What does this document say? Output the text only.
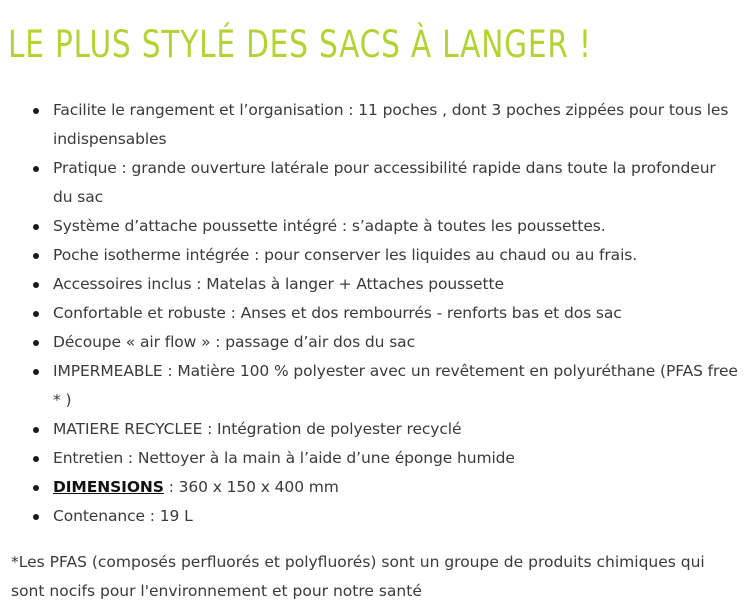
LE PLUS STYLÉ DES SACS À LANGER !
Facilite le rangement et l’organisation : 11 poches , dont 3 poches zippées pour tous les indispensables
Pratique : grande ouverture latérale pour accessibilité rapide dans toute la profondeur du sac
Système d’attache poussette intégré : s’adapte à toutes les poussettes.
Poche isotherme intégrée : pour conserver les liquides au chaud ou au frais.
Accessoires inclus : Matelas à langer + Attaches poussette
Confortable et robuste : Anses et dos rembourrés - renforts bas et dos sac
Découpe « air flow » : passage d’air dos du sac
IMPERMEABLE : Matière 100 % polyester avec un revêtement en polyuréthane (PFAS free * )
MATIERE RECYCLEE : Intégration de polyester recyclé
Entretien : Nettoyer à la main à l’aide d’une éponge humide
DIMENSIONS : 360 x 150 x 400 mm
Contenance : 19 L

*Les PFAS (composés perfluorés et polyfluorés) sont un groupe de produits chimiques qui sont nocifs pour l'environnement et pour notre santé
